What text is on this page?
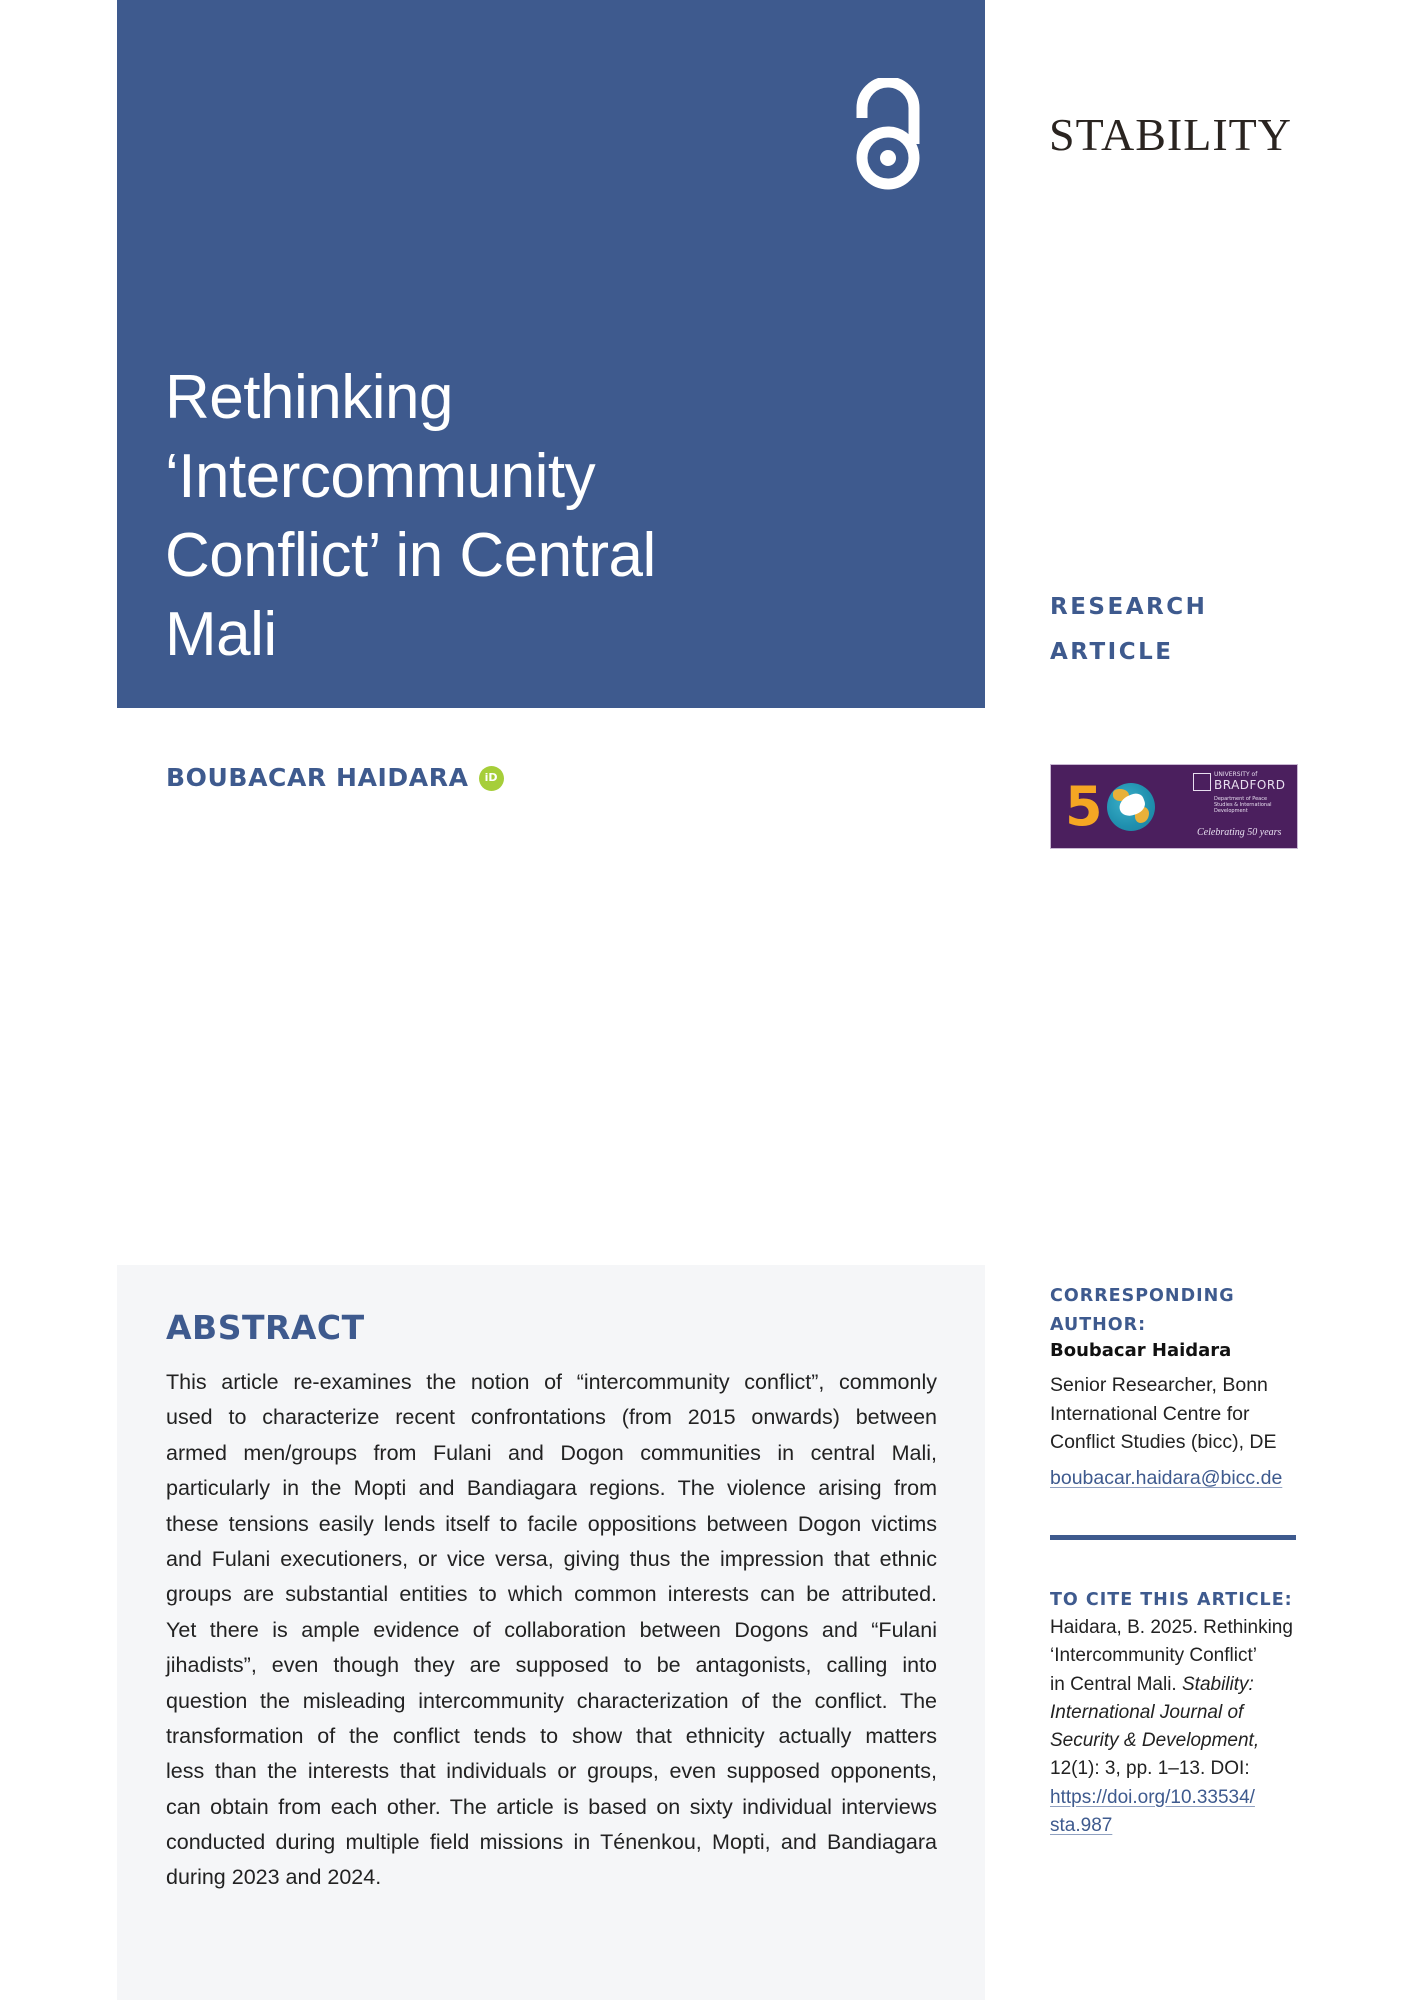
Rethinking
‘Intercommunity
Conflict’ in Central
Mali
STABILITY
RESEARCH
ARTICLE
BOUBACAR HAIDARA	iD	5
UNIVERSITY of
BRADFORD
Department of Peace Studies & International Development
Celebrating 50 years
ABSTRACT
This article re-examines the notion of “intercommunity conflict”, commonly
used to characterize recent confrontations (from 2015 onwards) between
armed men/groups from Fulani and Dogon communities in central Mali,
particularly in the Mopti and Bandiagara regions. The violence arising from
these tensions easily lends itself to facile oppositions between Dogon victims
and Fulani executioners, or vice versa, giving thus the impression that ethnic
groups are substantial entities to which common interests can be attributed.
Yet there is ample evidence of collaboration between Dogons and “Fulani
jihadists”, even though they are supposed to be antagonists, calling into
question the misleading intercommunity characterization of the conflict. The
transformation of the conflict tends to show that ethnicity actually matters
less than the interests that individuals or groups, even supposed opponents,
can obtain from each other. The article is based on sixty individual interviews
conducted during multiple field missions in Ténenkou, Mopti, and Bandiagara
during 2023 and 2024.
CORRESPONDING
AUTHOR:
Boubacar Haidara
Senior Researcher, Bonn
International Centre for
Conflict Studies (bicc), DE
boubacar.haidara@bicc.de
TO CITE THIS ARTICLE:
Haidara, B. 2025. Rethinking
‘Intercommunity Conflict’
in Central Mali. Stability:
International Journal of
Security & Development,
12(1): 3, pp. 1–13. DOI:
https://doi.org/10.33534/
sta.987
